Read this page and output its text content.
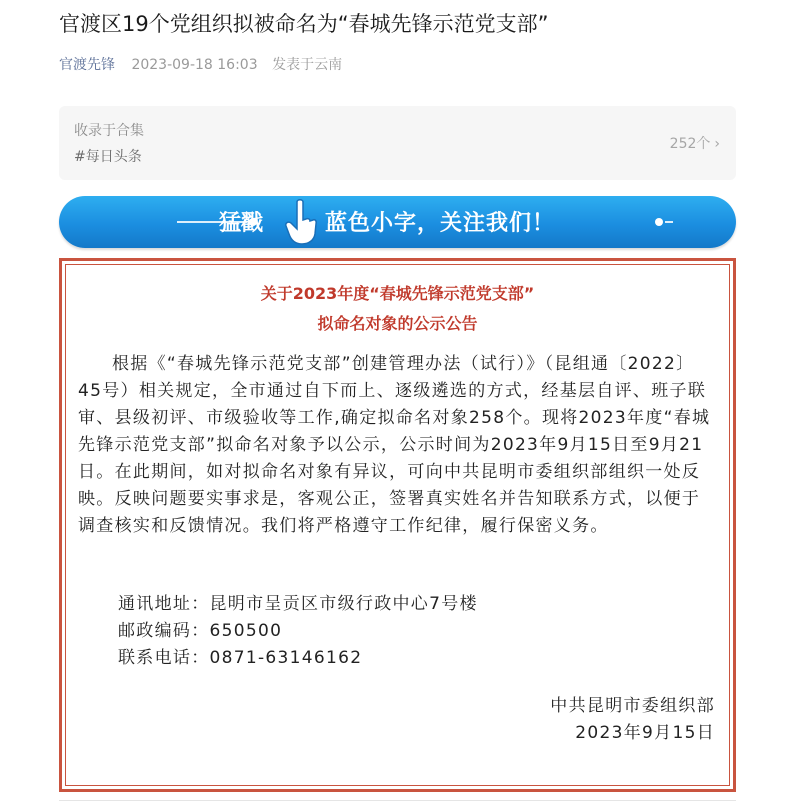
官渡区19个党组织拟被命名为“春城先锋示范党支部”
官渡先锋 2023-09-18 16:03 发表于云南
收录于合集
#每日头条
252个 ›
猛戳	蓝色小字，关注我们！
关于2023年度“春城先锋示范党支部”
拟命名对象的公示公告

根据《“春城先锋示范党支部”创建管理办法（试行）》（昆组通〔2022〕45号）相关规定，全市通过自下而上、逐级遴选的方式，经基层自评、班子联审、县级初评、市级验收等工作,确定拟命名对象258个。现将2023年度“春城先锋示范党支部”拟命名对象予以公示，公示时间为2023年9月15日至9月21日。在此期间，如对拟命名对象有异议，可向中共昆明市委组织部组织一处反映。反映问题要实事求是，客观公正，签署真实姓名并告知联系方式，以便于调查核实和反馈情况。我们将严格遵守工作纪律，履行保密义务。

通讯地址：昆明市呈贡区市级行政中心7号楼
邮政编码：650500
联系电话：0871-63146162
中共昆明市委组织部
2023年9月15日
